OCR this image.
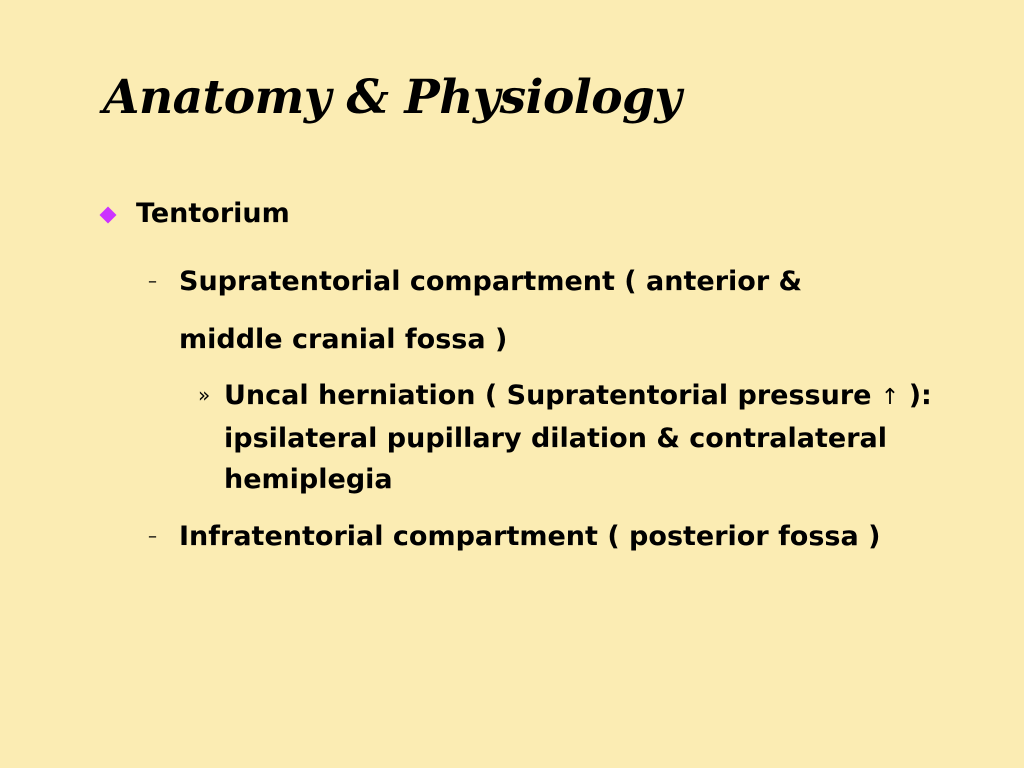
Anatomy & Physiology
Tentorium
– Supratentorial compartment ( anterior & middle cranial fossa )
» Uncal herniation ( Supratentorial pressure ↑ ): ipsilateral pupillary dilation & contralateral hemiplegia
– Infratentorial compartment ( posterior fossa )
